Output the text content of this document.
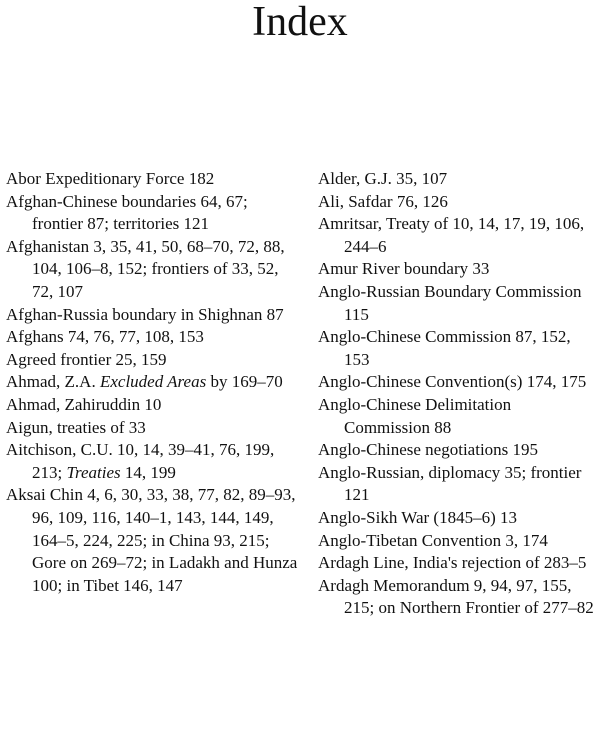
Index

Abor Expeditionary Force 182

Afghan-Chinese boundaries 64, 67; frontier 87; territories 121

Afghanistan 3, 35, 41, 50, 68–70, 72, 88, 104, 106–8, 152; frontiers of 33, 52, 72, 107

Afghan-Russia boundary in Shighnan 87

Afghans 74, 76, 77, 108, 153

Agreed frontier 25, 159

Ahmad, Z.A. Excluded Areas by 169–70

Ahmad, Zahiruddin 10

Aigun, treaties of 33

Aitchison, C.U. 10, 14, 39–41, 76, 199, 213; Treaties 14, 199

Aksai Chin 4, 6, 30, 33, 38, 77, 82, 89–93, 96, 109, 116, 140–1, 143, 144, 149, 164–5, 224, 225; in China 93, 215; Gore on 269–72; in Ladakh and Hunza 100; in Tibet 146, 147

Alder, G.J. 35, 107

Ali, Safdar 76, 126

Amritsar, Treaty of 10, 14, 17, 19, 106, 244–6

Amur River boundary 33

Anglo-Russian Boundary Commission 115

Anglo-Chinese Commission 87, 152, 153

Anglo-Chinese Convention(s) 174, 175

Anglo-Chinese Delimitation Commission 88

Anglo-Chinese negotiations 195

Anglo-Russian, diplomacy 35; frontier 121

Anglo-Sikh War (1845–6) 13

Anglo-Tibetan Convention 3, 174

Ardagh Line, India's rejection of 283–5

Ardagh Memorandum 9, 94, 97, 155, 215; on Northern Frontier of 277–82
